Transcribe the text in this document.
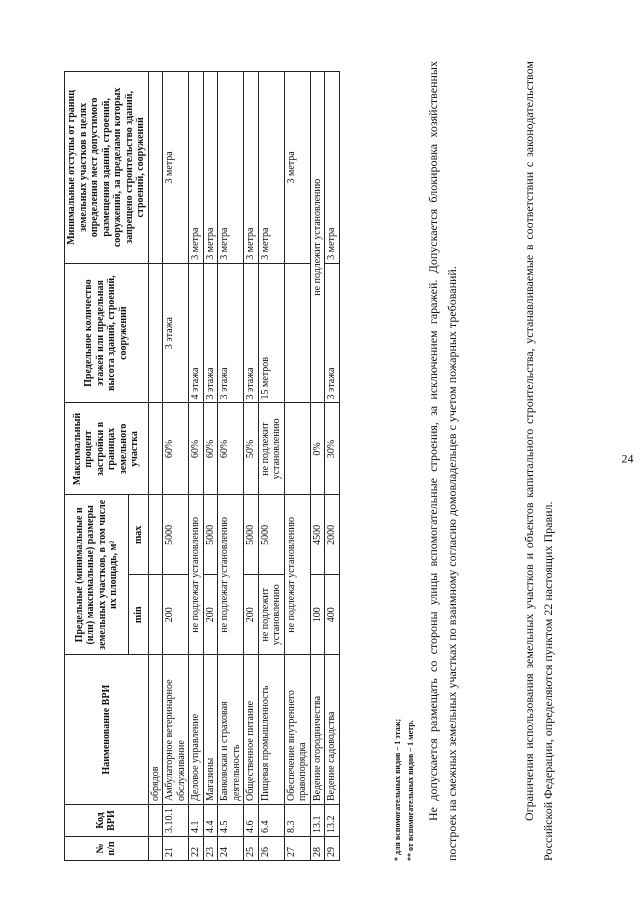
24
№ п/п	Код ВРИ	Наименование ВРИ	Предельные (минимальные и (или) максимальные) размеры земельных участков, в том числе их площадь, м²		Максимальный процент застройки в границах земельного участка	Предельное количество этажей или предельная высота зданий, строений, сооружений	Минимальные отступы от границ земельных участков в целях определения мест допустимого размещения зданий, строений, сооружений, за пределами которых запрещено строительство зданий, строений, сооружений
			min	max			
		обрядов					
21	3.10.1	Амбулаторное ветеринарное обслуживание	200	5000	60%	3 этажа	3 метра
22	4.1	Деловое управление	не подлежат установлению		60%	4 этажа	3 метра
23	4.4	Магазины	200	5000	60%	3 этажа	3 метра
24	4.5	Банковская и страховая деятельность	не подлежат установлению		60%	3 этажа	3 метра
25	4.6	Общественное питание	200	5000	50%	3 этажа	3 метра
26	6.4	Пищевая промышленность	не подлежит установлению	5000	не подлежит установлению	15 метров	3 метра
27	8.3	Обеспечение внутреннего правопорядка	не подлежат установлению				3 метра
28	13.1	Ведение огородничества	100	4500	0%	не подлежит установлению	
29	13.2	Ведение садоводства	400	2000	30%	3 этажа	3 метра
* для вспомогательных видов – 1 этаж; ** от вспомогательных видов – 1 метр. Не допускается размещать со стороны улицы вспомогательные строения, за исключением гаражей. Допускается блокировка хозяйственных построек на смежных земельных участках по взаимному согласию домовладельцев с учетом пожарных требований.	Ограничения использования земельных участков и объектов капитального строительства, устанавливаемые в соответствии с законодательством Российской Федерации, определяются пунктом 22 настоящих Правил.
